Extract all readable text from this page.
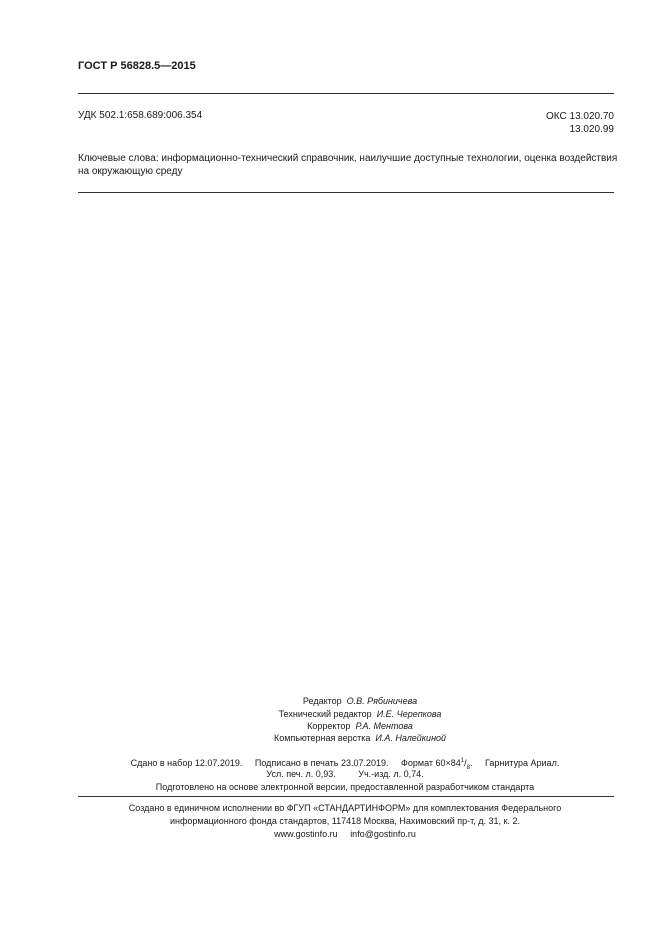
ГОСТ Р 56828.5—2015
УДК 502.1:658.689:006.354	ОКС 13.020.70
13.020.99
Ключевые слова: информационно-технический справочник, наилучшие доступные технологии, оценка воздействия на окружающую среду
Редактор О.В. Рябиничева
Технический редактор И.Е. Черепкова
Корректор Р.А. Ментова
Компьютерная верстка И.А. Налейкиной
Сдано в набор 12.07.2019. Подписано в печать 23.07.2019. Формат $60\times 84^1/_8$. Гарнитура Ариал.
Усл. печ. л. 0,93.	Уч.-изд. л. 0,74.
Подготовлено на основе электронной версии, предоставленной разработчиком стандарта
Создано в единичном исполнении во ФГУП «СТАНДАРТИНФОРМ» для комплектования Федерального
информационного фонда стандартов, 117418 Москва, Нахимовский пр-т, д. 31, к. 2.
www.gostinfo.ru info@gostinfo.ru
